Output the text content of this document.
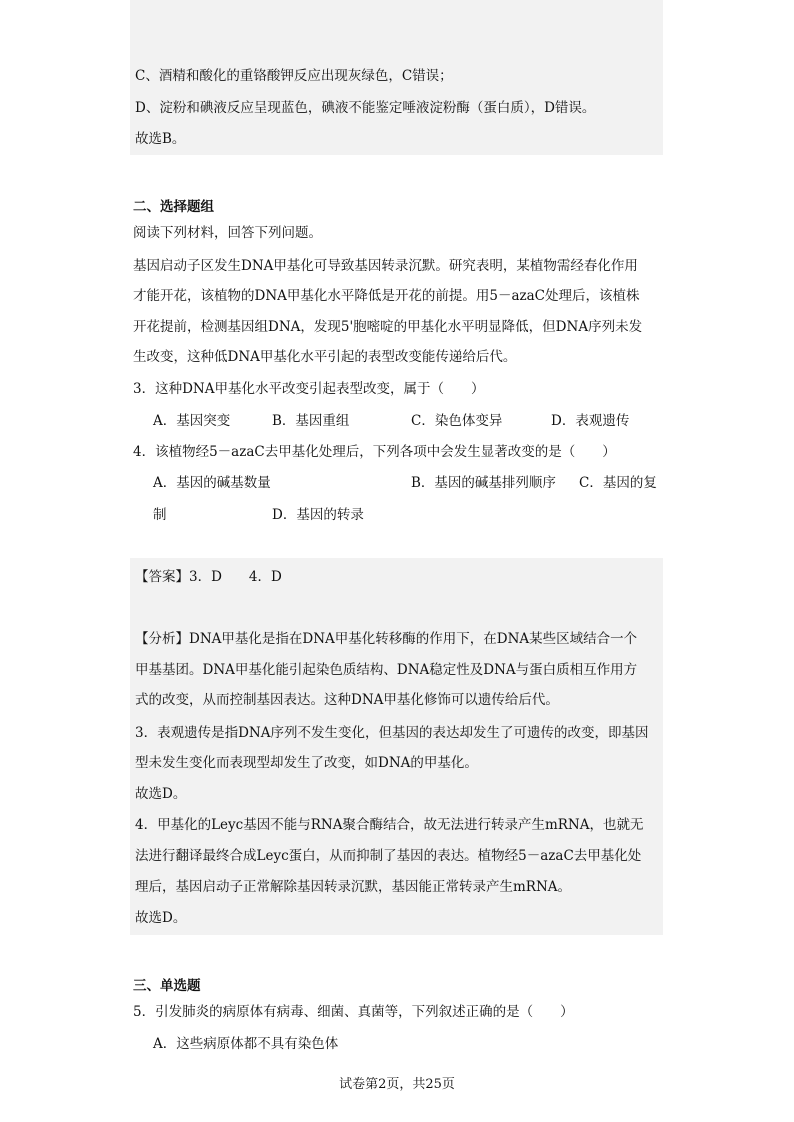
C、酒精和酸化的重铬酸钾反应出现灰绿色，C错误；
D、淀粉和碘液反应呈现蓝色，碘液不能鉴定唾液淀粉酶（蛋白质），D错误。
故选B。
二、选择题组
阅读下列材料，回答下列问题。
基因启动子区发生DNA甲基化可导致基因转录沉默。研究表明，某植物需经春化作用
才能开花，该植物的DNA甲基化水平降低是开花的前提。用5－azaC处理后，该植株
开花提前，检测基因组DNA，发现5'胞嘧啶的甲基化水平明显降低，但DNA序列未发
生改变，这种低DNA甲基化水平引起的表型改变能传递给后代。
3．这种DNA甲基化水平改变引起表型改变，属于（　　）
A．基因突变	B．基因重组	C．染色体变异	D．表观遗传
4．该植物经5－azaC去甲基化处理后，下列各项中会发生显著改变的是（　　）
A．基因的碱基数量	B．基因的碱基排列顺序 C．基因的复
制	D．基因的转录
【答案】3．D　　4．D
【分析】DNA甲基化是指在DNA甲基化转移酶的作用下，在DNA某些区域结合一个
甲基基团。DNA甲基化能引起染色质结构、DNA稳定性及DNA与蛋白质相互作用方
式的改变，从而控制基因表达。这种DNA甲基化修饰可以遗传给后代。
3．表观遗传是指DNA序列不发生变化，但基因的表达却发生了可遗传的改变，即基因
型未发生变化而表现型却发生了改变，如DNA的甲基化。
故选D。
4．甲基化的Leyc基因不能与RNA聚合酶结合，故无法进行转录产生mRNA，也就无
法进行翻译最终合成Leyc蛋白，从而抑制了基因的表达。植物经5－azaC去甲基化处
理后，基因启动子正常解除基因转录沉默，基因能正常转录产生mRNA。
故选D。
三、单选题
5．引发肺炎的病原体有病毒、细菌、真菌等，下列叙述正确的是（　　）
A．这些病原体都不具有染色体
试卷第2页，共25页
